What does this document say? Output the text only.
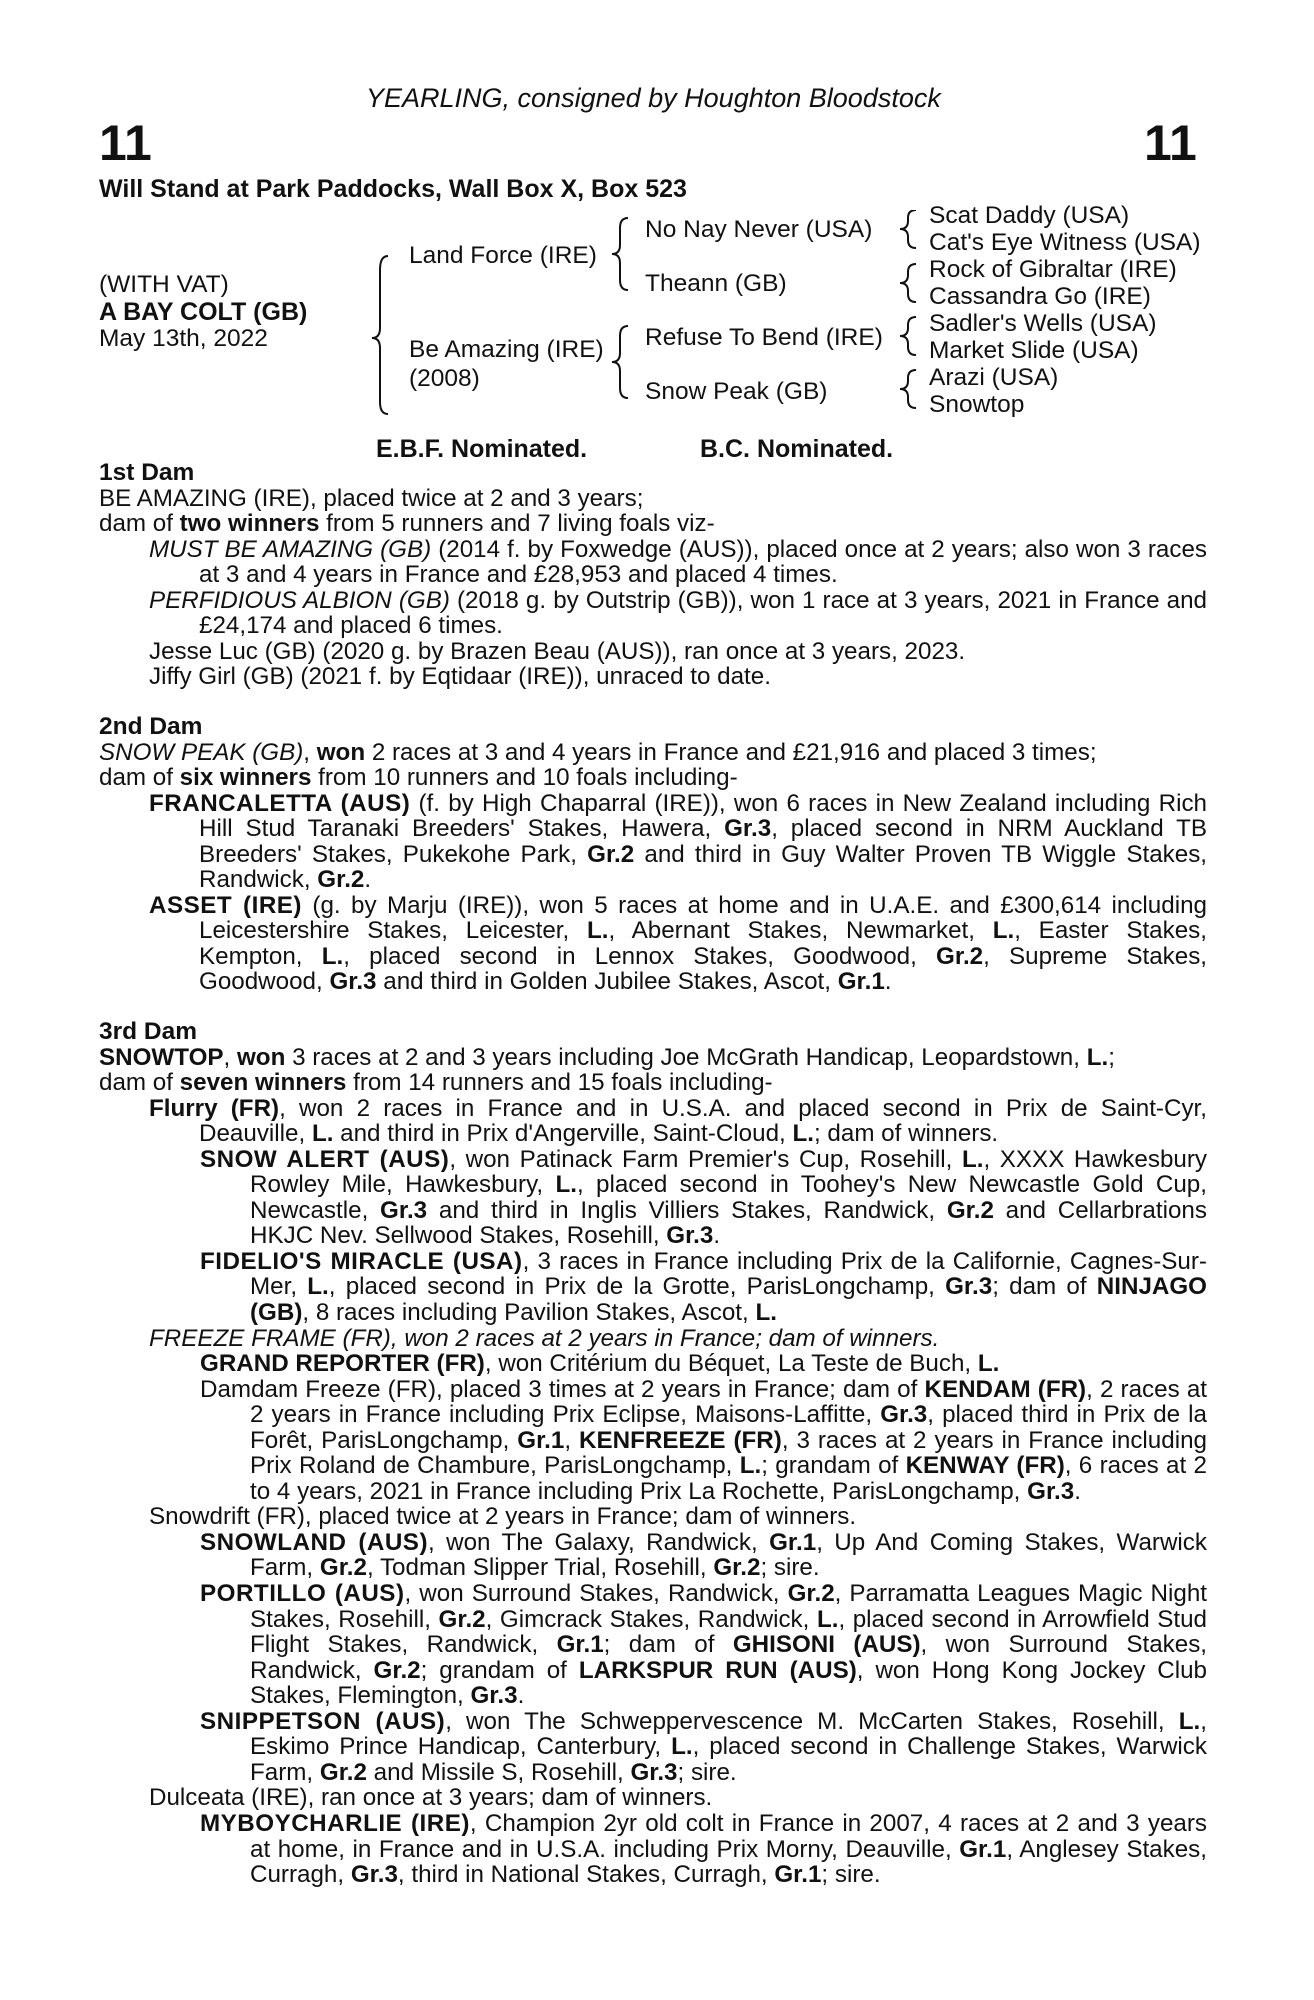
YEARLING, consigned by Houghton Bloodstock
11	11
Will Stand at Park Paddocks, Wall Box X, Box 523
(WITH VAT)
A BAY COLT (GB)
May 13th, 2022
Land Force (IRE)
Be Amazing (IRE)
(2008)
No Nay Never (USA)
Theann (GB)
Refuse To Bend (IRE)
Snow Peak (GB)
Scat Daddy (USA)
Cat's Eye Witness (USA)
Rock of Gibraltar (IRE)
Cassandra Go (IRE)
Sadler's Wells (USA)
Market Slide (USA)
Arazi (USA)
Snowtop
E.B.F. Nominated.	B.C. Nominated.
1st Dam

BE AMAZING (IRE), placed twice at 2 and 3 years;

dam of two winners from 5 runners and 7 living foals viz-

MUST BE AMAZING (GB) (2014 f. by Foxwedge (AUS)), placed once at 2 years; also won 3 races at 3 and 4 years in France and £28,953 and placed 4 times.

PERFIDIOUS ALBION (GB) (2018 g. by Outstrip (GB)), won 1 race at 3 years, 2021 in France and £24,174 and placed 6 times.

Jesse Luc (GB) (2020 g. by Brazen Beau (AUS)), ran once at 3 years, 2023.

Jiffy Girl (GB) (2021 f. by Eqtidaar (IRE)), unraced to date.

2nd Dam

SNOW PEAK (GB), won 2 races at 3 and 4 years in France and £21,916 and placed 3 times;

dam of six winners from 10 runners and 10 foals including-

FRANCALETTA (AUS) (f. by High Chaparral (IRE)), won 6 races in New Zealand including Rich Hill Stud Taranaki Breeders' Stakes, Hawera, Gr.3, placed second in NRM Auckland TB Breeders' Stakes, Pukekohe Park, Gr.2 and third in Guy Walter Proven TB Wiggle Stakes, Randwick, Gr.2.

ASSET (IRE) (g. by Marju (IRE)), won 5 races at home and in U.A.E. and £300,614 including Leicestershire Stakes, Leicester, L., Abernant Stakes, Newmarket, L., Easter Stakes, Kempton, L., placed second in Lennox Stakes, Goodwood, Gr.2, Supreme Stakes, Goodwood, Gr.3 and third in Golden Jubilee Stakes, Ascot, Gr.1.

3rd Dam

SNOWTOP, won 3 races at 2 and 3 years including Joe McGrath Handicap, Leopardstown, L.;

dam of seven winners from 14 runners and 15 foals including-

Flurry (FR), won 2 races in France and in U.S.A. and placed second in Prix de Saint-Cyr, Deauville, L. and third in Prix d'Angerville, Saint-Cloud, L.; dam of winners.

SNOW ALERT (AUS), won Patinack Farm Premier's Cup, Rosehill, L., XXXX Hawkesbury Rowley Mile, Hawkesbury, L., placed second in Toohey's New Newcastle Gold Cup, Newcastle, Gr.3 and third in Inglis Villiers Stakes, Randwick, Gr.2 and Cellarbrations HKJC Nev. Sellwood Stakes, Rosehill, Gr.3.

FIDELIO'S MIRACLE (USA), 3 races in France including Prix de la Californie, Cagnes-Sur-Mer, L., placed second in Prix de la Grotte, ParisLongchamp, Gr.3; dam of NINJAGO (GB), 8 races including Pavilion Stakes, Ascot, L.

FREEZE FRAME (FR), won 2 races at 2 years in France; dam of winners.

GRAND REPORTER (FR), won Critérium du Béquet, La Teste de Buch, L.

Damdam Freeze (FR), placed 3 times at 2 years in France; dam of KENDAM (FR), 2 races at 2 years in France including Prix Eclipse, Maisons-Laffitte, Gr.3, placed third in Prix de la Forêt, ParisLongchamp, Gr.1, KENFREEZE (FR), 3 races at 2 years in France including Prix Roland de Chambure, ParisLongchamp, L.; grandam of KENWAY (FR), 6 races at 2 to 4 years, 2021 in France including Prix La Rochette, ParisLongchamp, Gr.3.

Snowdrift (FR), placed twice at 2 years in France; dam of winners.

SNOWLAND (AUS), won The Galaxy, Randwick, Gr.1, Up And Coming Stakes, Warwick Farm, Gr.2, Todman Slipper Trial, Rosehill, Gr.2; sire.

PORTILLO (AUS), won Surround Stakes, Randwick, Gr.2, Parramatta Leagues Magic Night Stakes, Rosehill, Gr.2, Gimcrack Stakes, Randwick, L., placed second in Arrowfield Stud Flight Stakes, Randwick, Gr.1; dam of GHISONI (AUS), won Surround Stakes, Randwick, Gr.2; grandam of LARKSPUR RUN (AUS), won Hong Kong Jockey Club Stakes, Flemington, Gr.3.

SNIPPETSON (AUS), won The Schweppervescence M. McCarten Stakes, Rosehill, L., Eskimo Prince Handicap, Canterbury, L., placed second in Challenge Stakes, Warwick Farm, Gr.2 and Missile S, Rosehill, Gr.3; sire.

Dulceata (IRE), ran once at 3 years; dam of winners.

MYBOYCHARLIE (IRE), Champion 2yr old colt in France in 2007, 4 races at 2 and 3 years at home, in France and in U.S.A. including Prix Morny, Deauville, Gr.1, Anglesey Stakes, Curragh, Gr.3, third in National Stakes, Curragh, Gr.1; sire.
